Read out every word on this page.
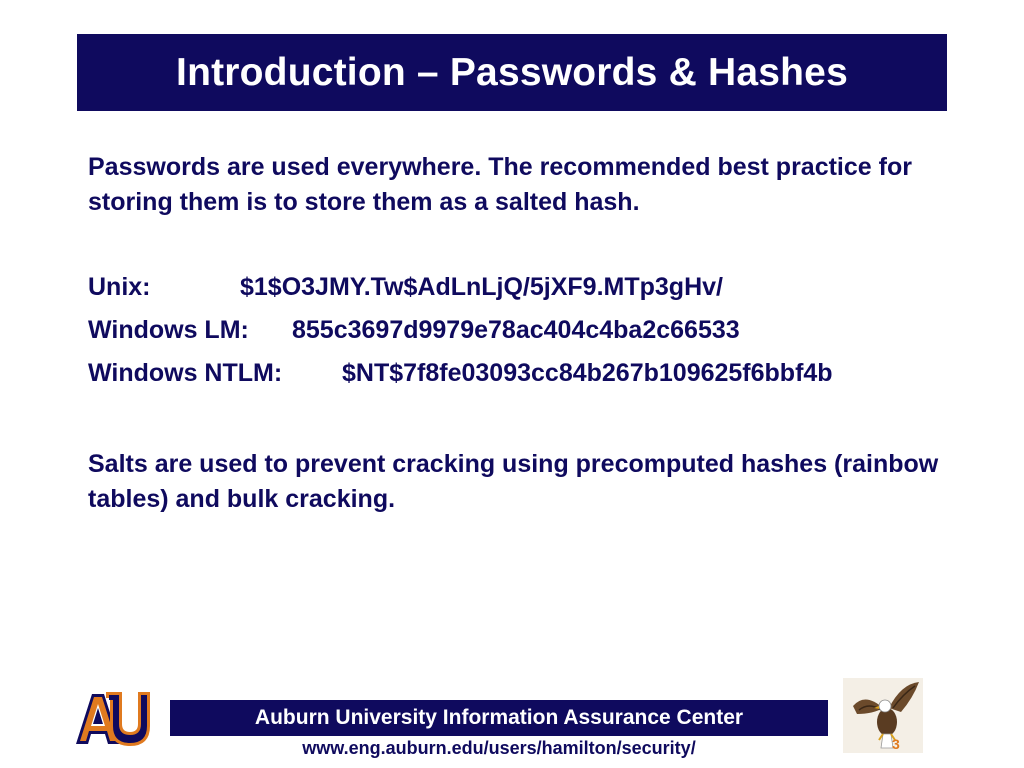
Introduction – Passwords & Hashes

Passwords are used everywhere. The recommended best practice for storing them is to store them as a salted hash.

Unix:	$1$O3JMY.Tw$AdLnLjQ/5jXF9.MTp3gHv/
Windows LM:	855c3697d9979e78ac404c4ba2c66533
Windows NTLM:	$NT$7f8fe03093cc84b267b109625f6bbf4b

Salts are used to prevent cracking using precomputed hashes (rainbow tables) and bulk cracking.

Auburn University Information Assurance Center
www.eng.auburn.edu/users/hamilton/security/	3
